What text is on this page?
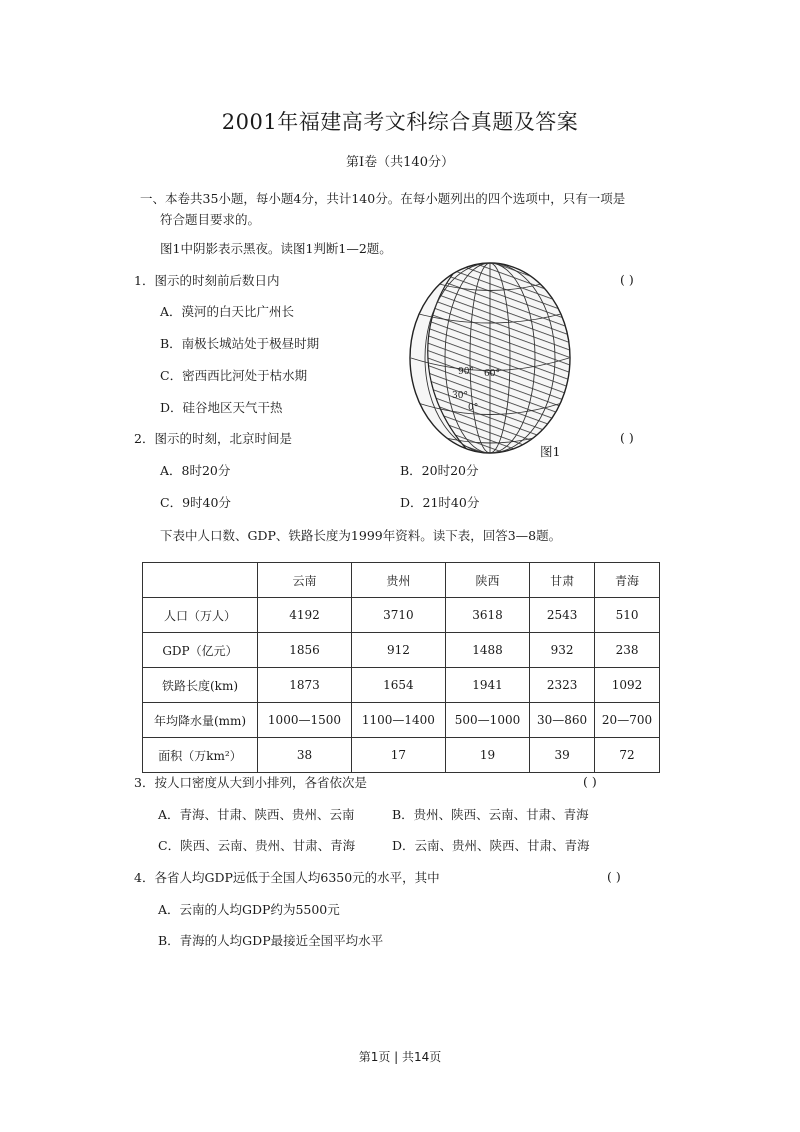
2001年福建高考文科综合真题及答案
第Ⅰ卷（共140分）
一、本卷共35小题，每小题4分，共计140分。在每小题列出的四个选项中，只有一项是
符合题目要求的。
图1中阴影表示黑夜。读图1判断1—2题。
1．图示的时刻前后数日内	( )
A．漠河的白天比广州长
B．南极长城站处于极昼时期
C．密西西比河处于枯水期
D．硅谷地区天气干热
90° 60°
30°
0°
图1
2．图示的时刻，北京时间是	( )
A．8时20分	B．20时20分
C．9时40分	D．21时40分
下表中人口数、GDP、铁路长度为1999年资料。读下表，回答3—8题。
	云南	贵州	陕西	甘肃	青海
人口（万人）	4192	3710	3618	2543	510
GDP（亿元）	1856	912	1488	932	238
铁路长度(km)	1873	1654	1941	2323	1092
年均降水量(mm)	1000—1500	1100—1400	500—1000	30—860	20—700
面积（万km²）	38	17	19	39	72
3．按人口密度从大到小排列，各省依次是	( )
A．青海、甘肃、陕西、贵州、云南	B．贵州、陕西、云南、甘肃、青海
C．陕西、云南、贵州、甘肃、青海	D．云南、贵州、陕西、甘肃、青海
4．各省人均GDP远低于全国人均6350元的水平，其中	( )
A．云南的人均GDP约为5500元
B．青海的人均GDP最接近全国平均水平
第1页 | 共14页
